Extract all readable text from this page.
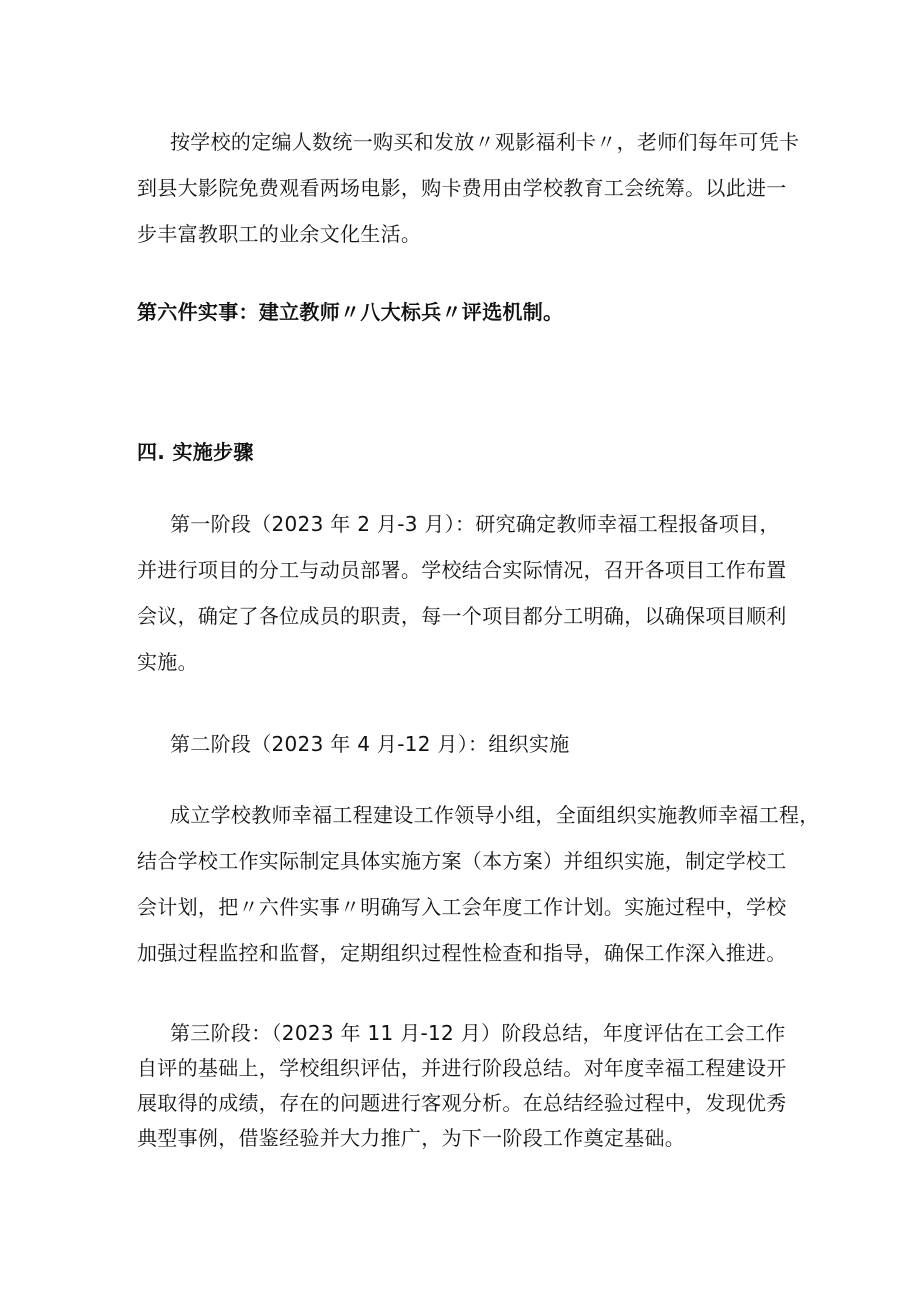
按学校的定编人数统一购买和发放〃观影福利卡〃，老师们每年可凭卡
到县大影院免费观看两场电影，购卡费用由学校教育工会统筹。以此进一
步丰富教职工的业余文化生活。
第六件实事：建立教师〃八大标兵〃评选机制。
四. 实施步骤
第一阶段（2023 年 2 月-3 月）：研究确定教师幸福工程报备项目，
并进行项目的分工与动员部署。学校结合实际情况，召开各项目工作布置
会议，确定了各位成员的职责，每一个项目都分工明确，以确保项目顺利
实施。
第二阶段（2023 年 4 月-12 月）：组织实施
成立学校教师幸福工程建设工作领导小组，全面组织实施教师幸福工程，
结合学校工作实际制定具体实施方案（本方案）并组织实施，制定学校工
会计划，把〃六件实事〃明确写入工会年度工作计划。实施过程中，学校
加强过程监控和监督，定期组织过程性检查和指导，确保工作深入推进。
第三阶段：（2023 年 11 月-12 月）阶段总结，年度评估在工会工作
自评的基础上，学校组织评估，并进行阶段总结。对年度幸福工程建设开
展取得的成绩，存在的问题进行客观分析。在总结经验过程中，发现优秀
典型事例，借鉴经验并大力推广，为下一阶段工作奠定基础。
